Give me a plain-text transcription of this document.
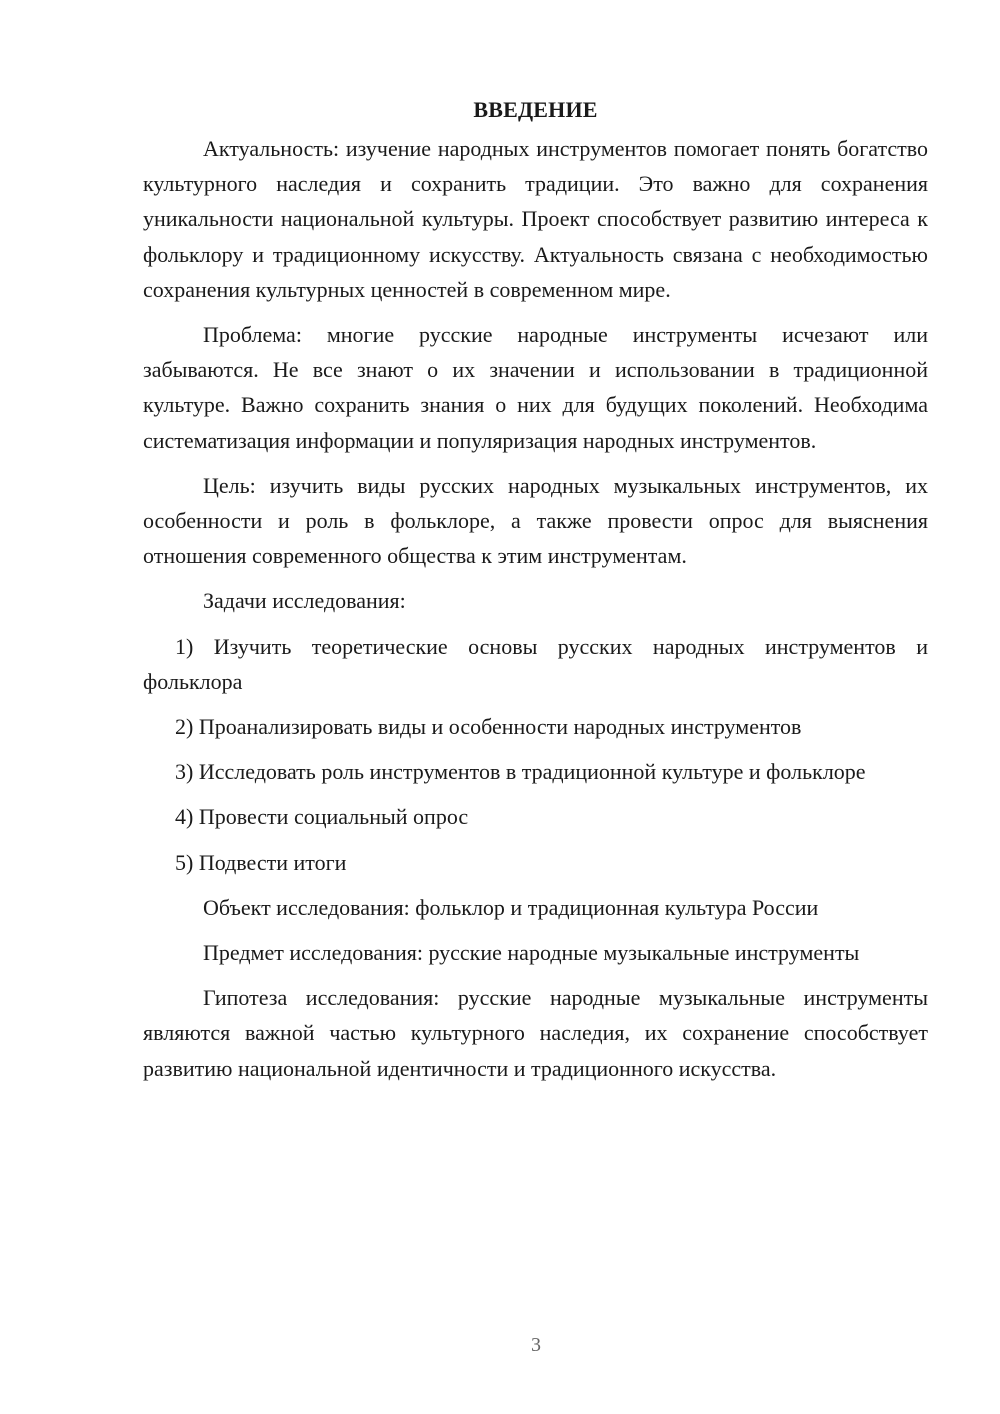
ВВЕДЕНИЕ

Актуальность: изучение народных инструментов помогает понять богатство культурного наследия и сохранить традиции. Это важно для сохранения уникальности национальной культуры. Проект способствует развитию интереса к фольклору и традиционному искусству. Актуальность связана с необходимостью сохранения культурных ценностей в современном мире.

Проблема: многие русские народные инструменты исчезают или забываются. Не все знают о их значении и использовании в традиционной культуре. Важно сохранить знания о них для будущих поколений. Необходима систематизация информации и популяризация народных инструментов.

Цель: изучить виды русских народных музыкальных инструментов, их особенности и роль в фольклоре, а также провести опрос для выяснения отношения современного общества к этим инструментам.

Задачи исследования:

1) Изучить теоретические основы русских народных инструментов и фольклора

2) Проанализировать виды и особенности народных инструментов

3) Исследовать роль инструментов в традиционной культуре и фольклоре

4) Провести социальный опрос

5) Подвести итоги

Объект исследования: фольклор и традиционная культура России

Предмет исследования: русские народные музыкальные инструменты

Гипотеза исследования: русские народные музыкальные инструменты являются важной частью культурного наследия, их сохранение способствует развитию национальной идентичности и традиционного искусства.

3
